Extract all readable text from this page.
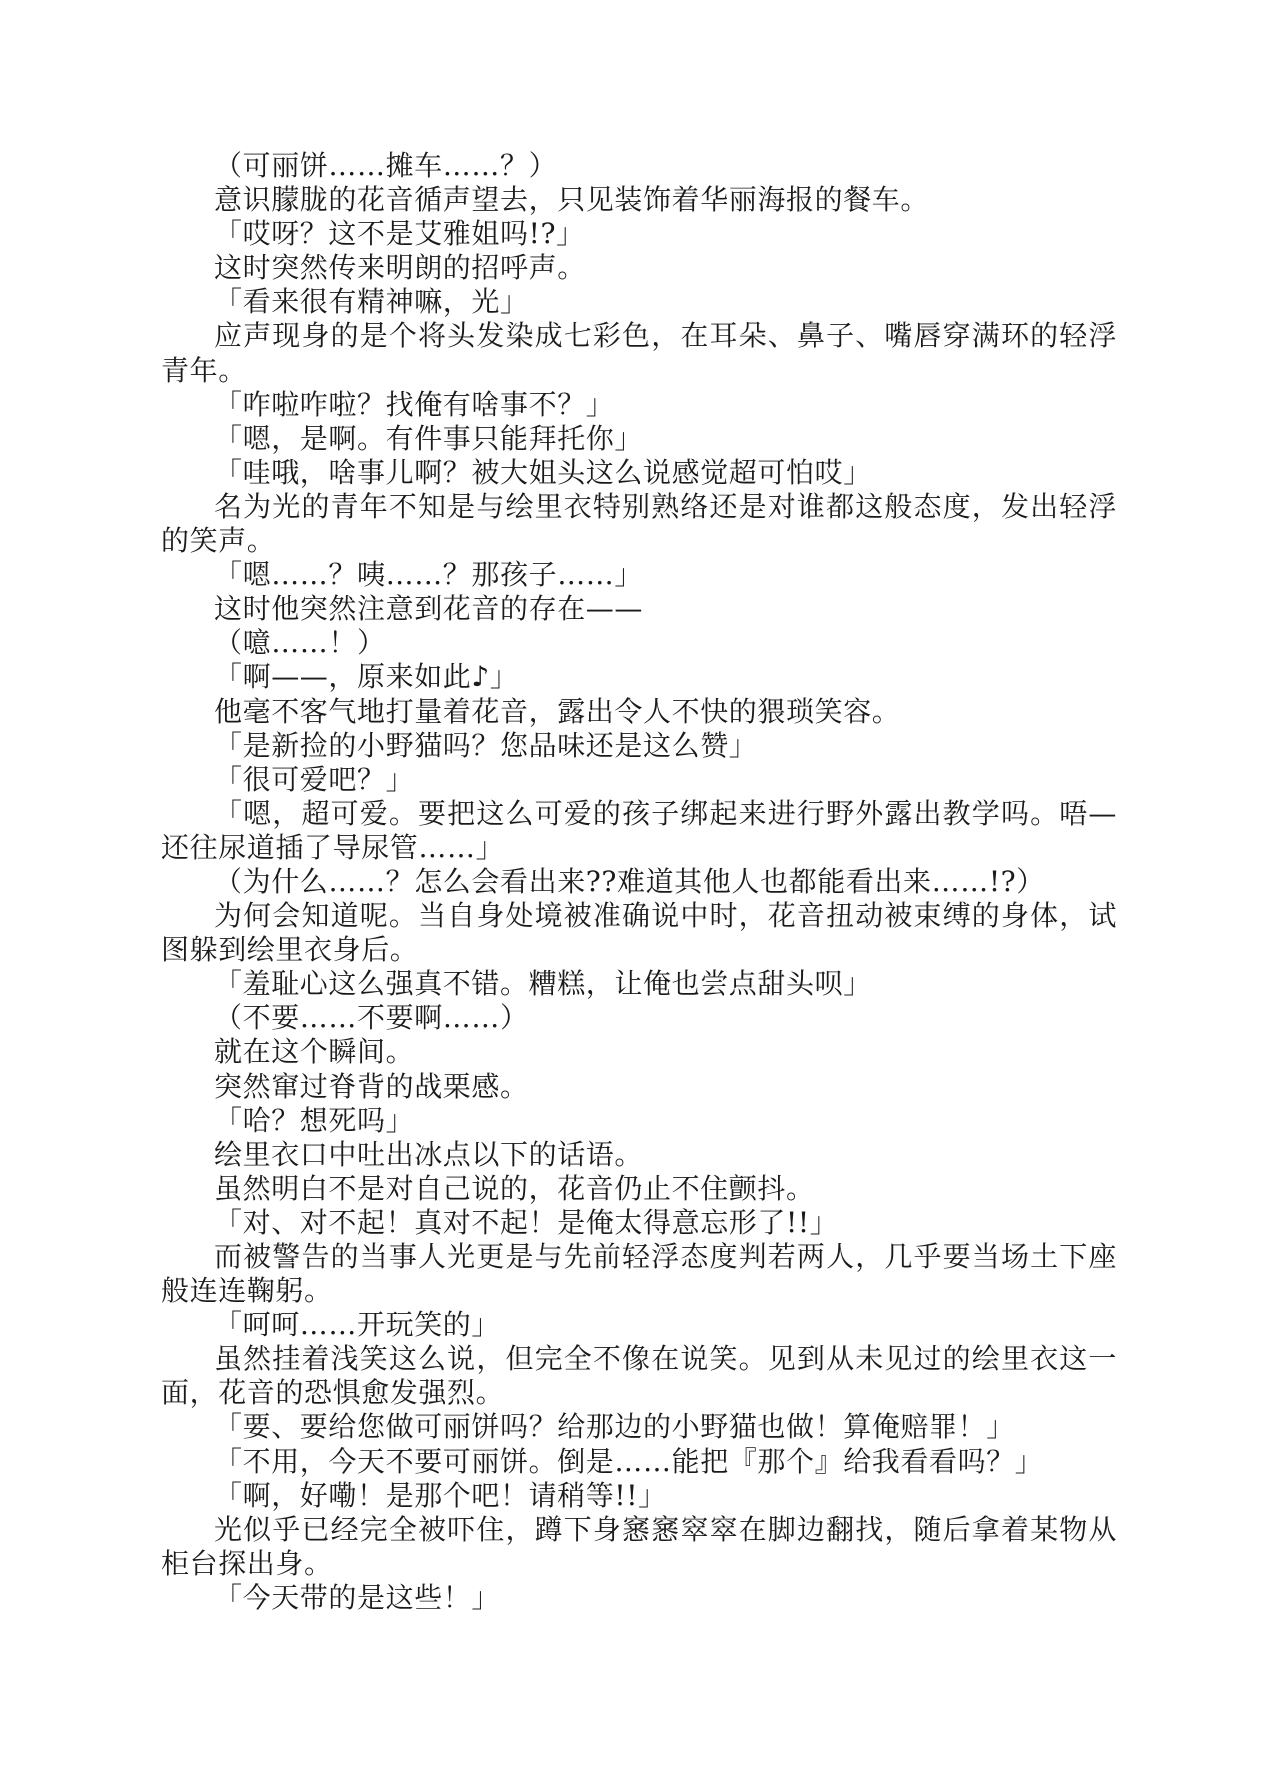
（可丽饼……摊车……？）

意识朦胧的花音循声望去，只见装饰着华丽海报的餐车。

「哎呀？这不是艾雅姐吗!?」

这时突然传来明朗的招呼声。

「看来很有精神嘛，光」

应声现身的是个将头发染成七彩色，在耳朵、鼻子、嘴唇穿满环的轻浮
青年。

「咋啦咋啦？找俺有啥事不？」

「嗯，是啊。有件事只能拜托你」

「哇哦，啥事儿啊？被大姐头这么说感觉超可怕哎」

名为光的青年不知是与绘里衣特别熟络还是对谁都这般态度，发出轻浮
的笑声。

「嗯……？咦……？那孩子……」

这时他突然注意到花音的存在——

（噫……！）

「啊——，原来如此♪」

他毫不客气地打量着花音，露出令人不快的猥琐笑容。

「是新捡的小野猫吗？您品味还是这么赞」

「很可爱吧？」

「嗯，超可爱。要把这么可爱的孩子绑起来进行野外露出教学吗。唔—
还往尿道插了导尿管……」

（为什么……？怎么会看出来??难道其他人也都能看出来……!?）

为何会知道呢。当自身处境被准确说中时，花音扭动被束缚的身体，试
图躲到绘里衣身后。

「羞耻心这么强真不错。糟糕，让俺也尝点甜头呗」

（不要……不要啊……）

就在这个瞬间。

突然窜过脊背的战栗感。

「哈？想死吗」

绘里衣口中吐出冰点以下的话语。

虽然明白不是对自己说的，花音仍止不住颤抖。

「对、对不起！真对不起！是俺太得意忘形了!!」

而被警告的当事人光更是与先前轻浮态度判若两人，几乎要当场土下座
般连连鞠躬。

「呵呵……开玩笑的」

虽然挂着浅笑这么说，但完全不像在说笑。见到从未见过的绘里衣这一
面，花音的恐惧愈发强烈。

「要、要给您做可丽饼吗？给那边的小野猫也做！算俺赔罪！」

「不用，今天不要可丽饼。倒是……能把『那个』给我看看吗？」

「啊，好嘞！是那个吧！请稍等!!」

光似乎已经完全被吓住，蹲下身窸窸窣窣在脚边翻找，随后拿着某物从
柜台探出身。

「今天带的是这些！」
